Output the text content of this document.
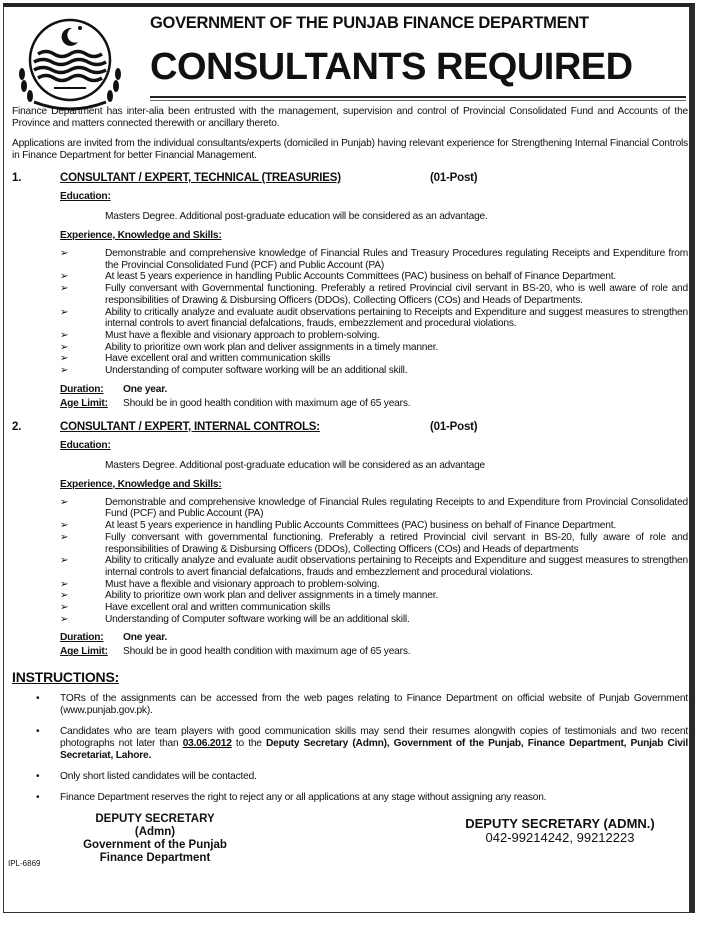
GOVERNMENT OF THE PUNJAB FINANCE DEPARTMENT
CONSULTANTS REQUIRED
Finance Department has inter-alia been entrusted with the management, supervision and control of Provincial Consolidated Fund and Accounts of the Province and matters connected therewith or ancillary thereto.
Applications are invited from the individual consultants/experts (domiciled in Punjab) having relevant experience for Strengthening Internal Financial Controls in Finance Department for better Financial Management.
1.	CONSULTANT / EXPERT, TECHNICAL (TREASURIES)	(01-Post)
Education:
Masters Degree. Additional post-graduate education will be considered as an advantage.
Experience, Knowledge and Skills:
➢	Demonstrable and comprehensive knowledge of Financial Rules and Treasury Procedures regulating Receipts and Expenditure from the Provincial Consolidated Fund (PCF) and Public Account (PA)
➢	At least 5 years experience in handling Public Accounts Committees (PAC) business on behalf of Finance Department.
➢	Fully conversant with Governmental functioning. Preferably a retired Provincial civil servant in BS-20, who is well aware of role and responsibilities of Drawing & Disbursing Officers (DDOs), Collecting Officers (COs) and Heads of Departments.
➢	Ability to critically analyze and evaluate audit observations pertaining to Receipts and Expenditure and suggest measures to strengthen internal controls to avert financial defalcations, frauds, embezzlement and procedural violations.
➢	Must have a flexible and visionary approach to problem-solving.
➢	Ability to prioritize own work plan and deliver assignments in a timely manner.
➢	Have excellent oral and written communication skills
➢	Understanding of computer software working will be an additional skill.
Duration: One year.
Age Limit: Should be in good health condition with maximum age of 65 years.
2.	CONSULTANT / EXPERT, INTERNAL CONTROLS:	(01-Post)
Education:
Masters Degree. Additional post-graduate education will be considered as an advantage
Experience, Knowledge and Skills:
➢	Demonstrable and comprehensive knowledge of Financial Rules regulating Receipts to and Expenditure from Provincial Consolidated Fund (PCF) and Public Account (PA)
➢	At least 5 years experience in handling Public Accounts Committees (PAC) business on behalf of Finance Department.
➢	Fully conversant with governmental functioning. Preferably a retired Provincial civil servant in BS-20, fully aware of role and responsibilities of Drawing & Disbursing Officers (DDOs), Collecting Officers (COs) and Heads of departments
➢	Ability to critically analyze and evaluate audit observations pertaining to Receipts and Expenditure and suggest measures to strengthen internal controls to avert financial defalcations, frauds and embezzlement and procedural violations.
➢	Must have a flexible and visionary approach to problem-solving.
➢	Ability to prioritize own work plan and deliver assignments in a timely manner.
➢	Have excellent oral and written communication skills
➢	Understanding of Computer software working will be an additional skill.
Duration: One year.
Age Limit: Should be in good health condition with maximum age of 65 years.
INSTRUCTIONS:
• TORs of the assignments can be accessed from the web pages relating to Finance Department on official website of Punjab Government (www.punjab.gov.pk).
• Candidates who are team players with good communication skills may send their resumes alongwith copies of testimonials and two recent photographs not later than 03.06.2012 to the Deputy Secretary (Admn), Government of the Punjab, Finance Department, Punjab Civil Secretariat, Lahore.
• Only short listed candidates will be contacted.
• Finance Department reserves the right to reject any or all applications at any stage without assigning any reason.
DEPUTY SECRETARY (Admn)
Government of the Punjab
Finance Department
DEPUTY SECRETARY (ADMN.)
042-99214242, 99212223
IPL-6869
